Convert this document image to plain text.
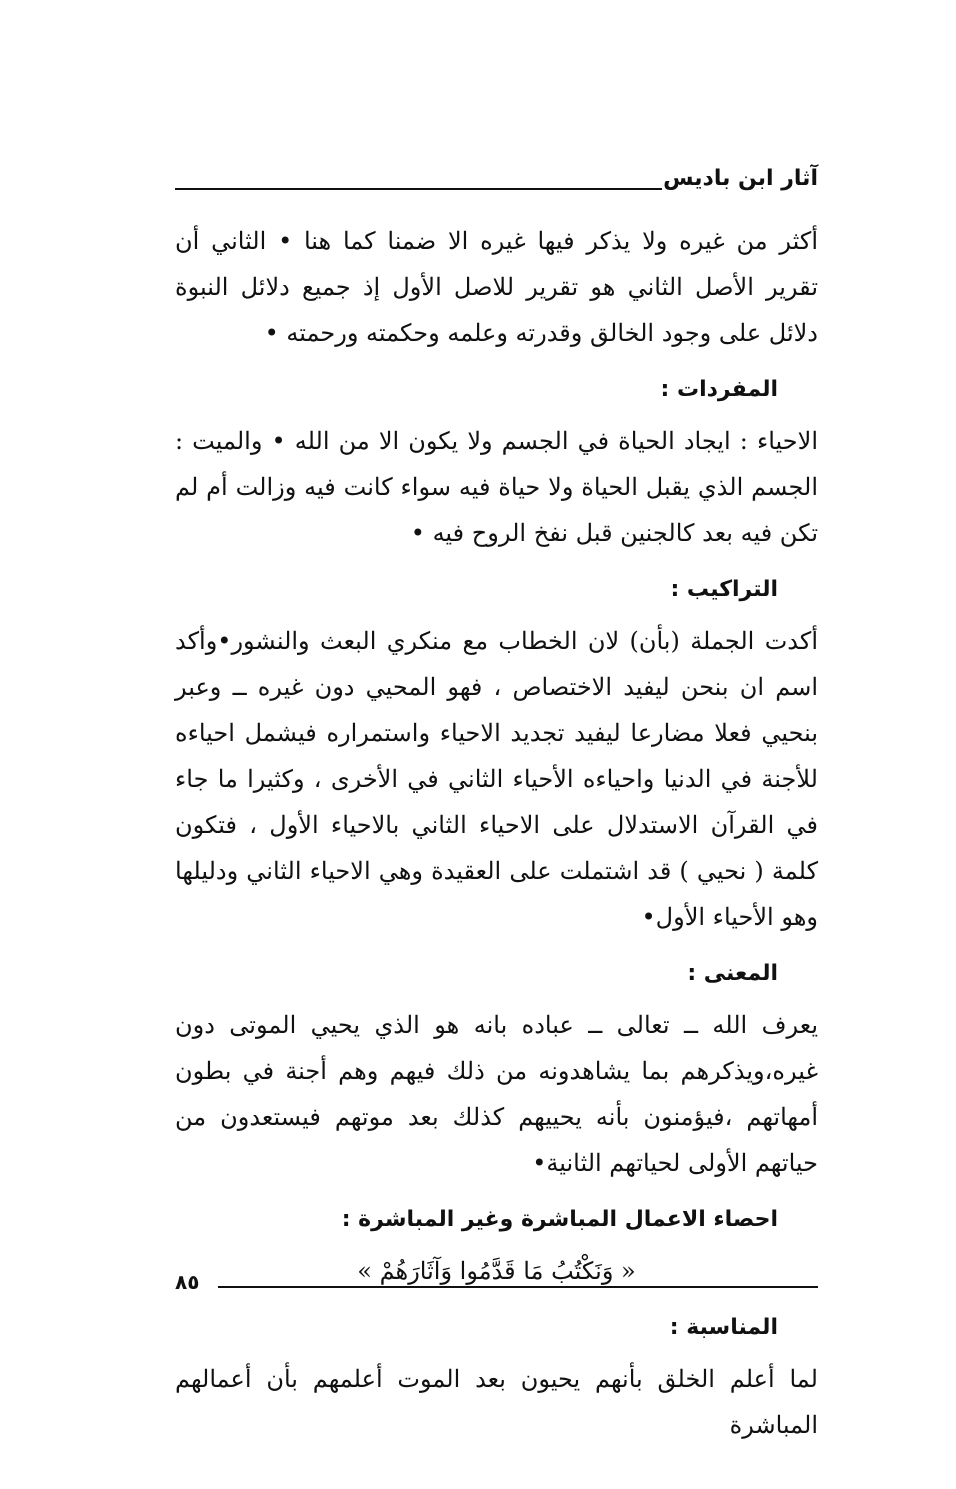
آثار ابن باديس

أكثر من غيره ولا يذكر فيها غيره الا ضمنا كما هنا • الثاني أن تقرير الأصل الثاني هو تقرير للاصل الأول إذ جميع دلائل النبوة دلائل على وجود الخالق وقدرته وعلمه وحكمته ورحمته •

المفردات :

الاحياء : ايجاد الحياة في الجسم ولا يكون الا من الله • والميت : الجسم الذي يقبل الحياة ولا حياة فيه سواء كانت فيه وزالت أم لم تكن فيه بعد كالجنين قبل نفخ الروح فيه •

التراكيب :

أكدت الجملة (بأن) لان الخطاب مع منكري البعث والنشور•وأكد اسم ان بنحن ليفيد الاختصاص ، فهو المحيي دون غيره ــ وعبر بنحيي فعلا مضارعا ليفيد تجديد الاحياء واستمراره فيشمل احياءه للأجنة في الدنيا واحياءه الأحياء الثاني في الأخرى ، وكثيرا ما جاء في القرآن الاستدلال على الاحياء الثاني بالاحياء الأول ، فتكون كلمة ( نحيي ) قد اشتملت على العقيدة وهي الاحياء الثاني ودليلها وهو الأحياء الأول•

المعنى :

يعرف الله ــ تعالى ــ عباده بانه هو الذي يحيي الموتى دون غيره،ويذكرهم بما يشاهدونه من ذلك فيهم وهم أجنة في بطون أمهاتهم ،فيؤمنون بأنه يحييهم كذلك بعد موتهم فيستعدون من حياتهم الأولى لحياتهم الثانية•

احصاء الاعمال المباشرة وغير المباشرة :
« وَنَكْتُبُ مَا قَدَّمُوا وَآثَارَهُمْ »
المناسبة :

لما أعلم الخلق بأنهم يحيون بعد الموت أعلمهم بأن أعمالهم المباشرة

٨٥
